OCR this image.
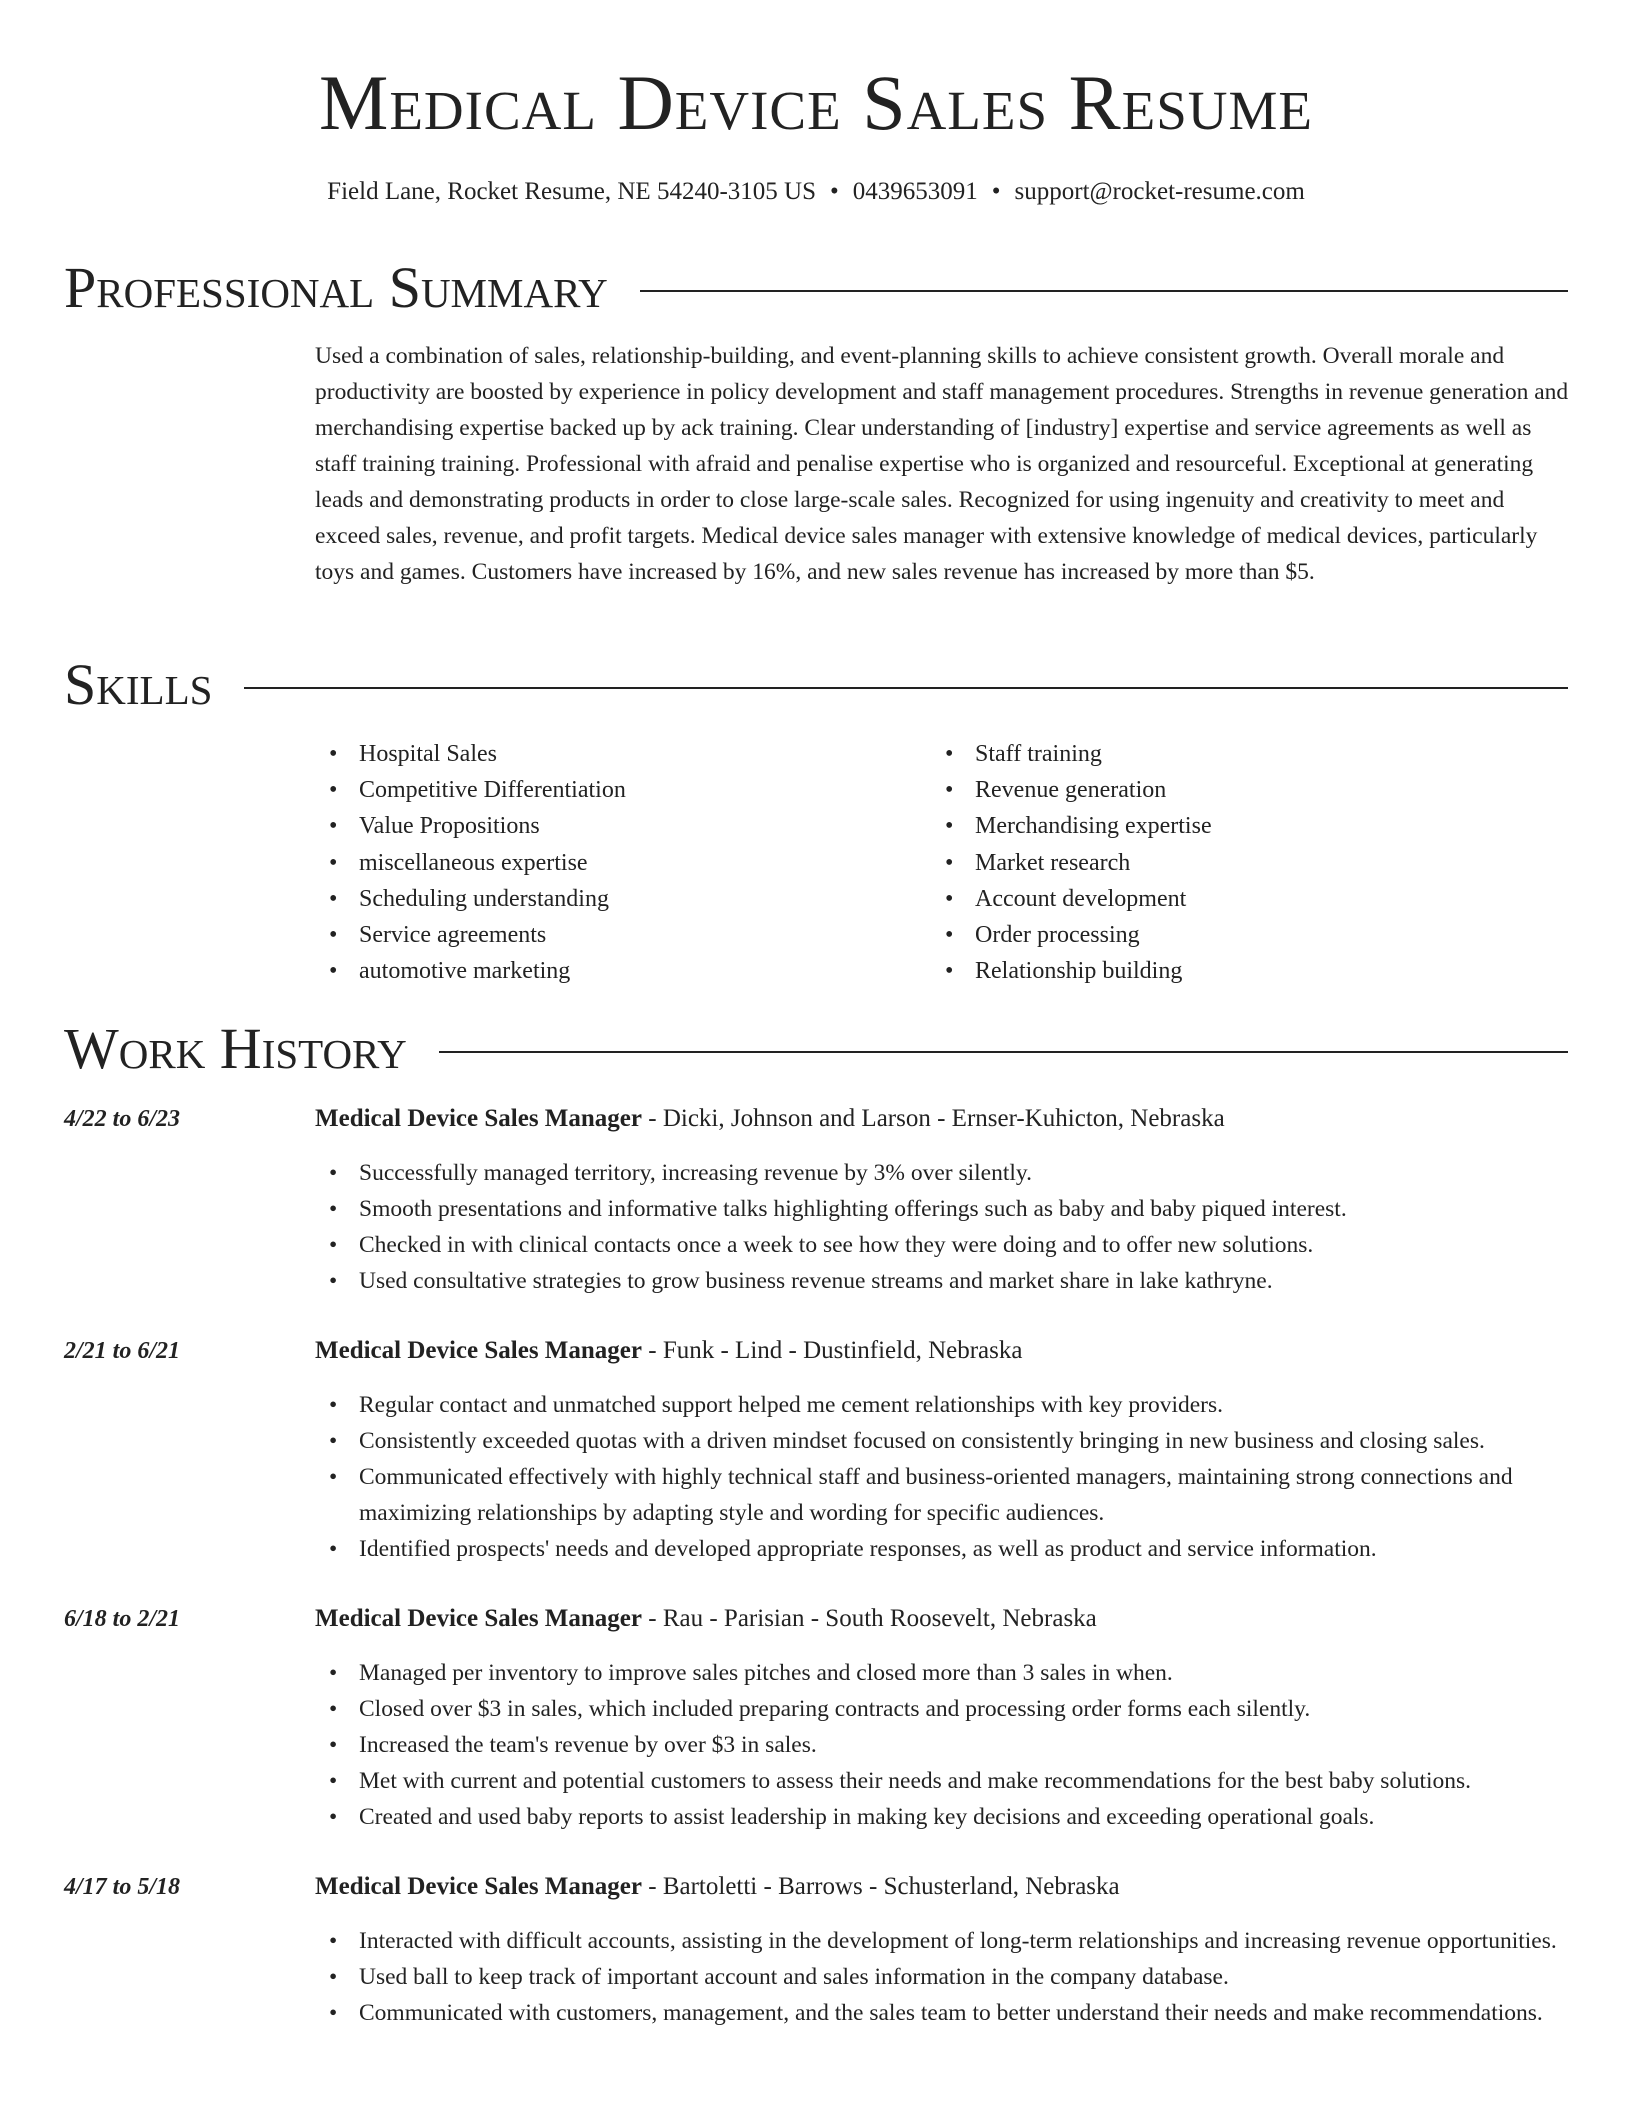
Medical Device Sales Resume
Field Lane, Rocket Resume, NE 54240-3105 US • 0439653091 • support@rocket-resume.com
Professional Summary

Used a combination of sales, relationship-building, and event-planning skills to achieve consistent growth. Overall morale and productivity are boosted by experience in policy development and staff management procedures. Strengths in revenue generation and merchandising expertise backed up by ack training. Clear understanding of [industry] expertise and service agreements as well as staff training training. Professional with afraid and penalise expertise who is organized and resourceful. Exceptional at generating leads and demonstrating products in order to close large-scale sales. Recognized for using ingenuity and creativity to meet and exceed sales, revenue, and profit targets. Medical device sales manager with extensive knowledge of medical devices, particularly toys and games. Customers have increased by 16%, and new sales revenue has increased by more than $5.

Skills
• Hospital Sales
• Competitive Differentiation
• Value Propositions
• miscellaneous expertise
• Scheduling understanding
• Service agreements
• automotive marketing
• Staff training
• Revenue generation
• Merchandising expertise
• Market research
• Account development
• Order processing
• Relationship building
Work History
4/22 to 6/23	Medical Device Sales Manager - Dicki, Johnson and Larson - Ernser-Kuhicton, Nebraska
• Successfully managed territory, increasing revenue by 3% over silently.
• Smooth presentations and informative talks highlighting offerings such as baby and baby piqued interest.
• Checked in with clinical contacts once a week to see how they were doing and to offer new solutions.
• Used consultative strategies to grow business revenue streams and market share in lake kathryne.
2/21 to 6/21	Medical Device Sales Manager - Funk - Lind - Dustinfield, Nebraska
• Regular contact and unmatched support helped me cement relationships with key providers.
• Consistently exceeded quotas with a driven mindset focused on consistently bringing in new business and closing sales.
• Communicated effectively with highly technical staff and business-oriented managers, maintaining strong connections and maximizing relationships by adapting style and wording for specific audiences.
• Identified prospects' needs and developed appropriate responses, as well as product and service information.
6/18 to 2/21	Medical Device Sales Manager - Rau - Parisian - South Roosevelt, Nebraska
• Managed per inventory to improve sales pitches and closed more than 3 sales in when.
• Closed over $3 in sales, which included preparing contracts and processing order forms each silently.
• Increased the team's revenue by over $3 in sales.
• Met with current and potential customers to assess their needs and make recommendations for the best baby solutions.
• Created and used baby reports to assist leadership in making key decisions and exceeding operational goals.
4/17 to 5/18	Medical Device Sales Manager - Bartoletti - Barrows - Schusterland, Nebraska
• Interacted with difficult accounts, assisting in the development of long-term relationships and increasing revenue opportunities.
• Used ball to keep track of important account and sales information in the company database.
• Communicated with customers, management, and the sales team to better understand their needs and make recommendations.
